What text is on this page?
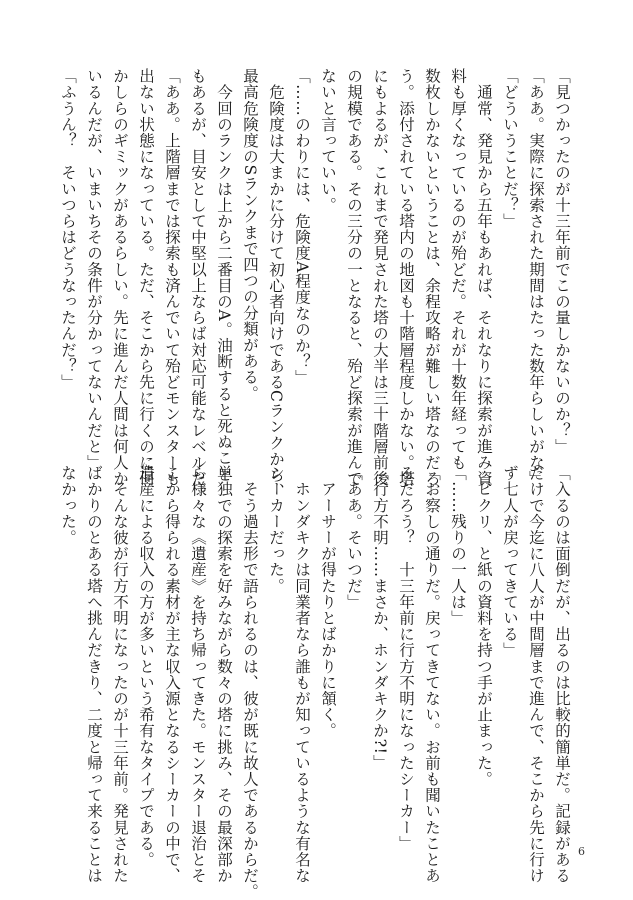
「見つかったのが十三年前でこの量しかないのか？」
「ああ。実際に探索された期間はたった数年らしいがな」
「どういうことだ？」
　通常、発見から五年もあれば、それなりに探索が進み資
料も厚くなっているのが殆どだ。それが十数年経っても
数枚しかないということは、余程攻略が難しい塔なのだろ
う。添付されている塔内の地図も十階層程度しかない。塔
にもよるが、これまで発見された塔の大半は三十階層前後
の規模である。その三分の一となると、殆ど探索が進んで
ないと言っていい。
「……のわりには、危険度A程度なのか？」
　危険度は大まかに分けて初心者向けであるCランクから、
最高危険度のSランクまで四つの分類がある。
　今回のランクは上から二番目のA。油断すると死ぬこと
もあるが、目安として中堅以上ならば対応可能なレベルだ。
「ああ。上階層までは探索も済んでいて殆どモンスターも
出ない状態になっている。ただ、そこから先に行くのに何
かしらのギミックがあるらしい。先に進んだ人間は何人か
いるんだが、いまいちその条件が分かってないんだと」
「ふうん？　そいつらはどうなったんだ？」
「入るのは面倒だが、出るのは比較的簡単だ。記録がある
だけで今迄に八人が中間層まで進んで、そこから先に行け
ず七人が戻ってきている」
　ピクリ、と紙の資料を持つ手が止まった。
「……残りの一人は」
「お察しの通りだ。戻ってきてない。お前も聞いたことあ
るだろう？　十三年前に行方不明になったシーカー」
「行方不明……まさか、ホンダキクか?!」
「ああ。そいつだ」
　アーサーが得たりとばかりに頷く。
　ホンダキクは同業者なら誰もが知っているような有名な
シーカーだった。
　そう過去形で語られるのは、彼が既に故人であるからだ。
単独での探索を好みながら数々の塔に挑み、その最深部か
ら様々な《遺産》を持ち帰ってきた。モンスター退治とそ
こから得られる素材が主な収入源となるシーカーの中で、
遺産による収入の方が多いという希有なタイプである。
　そんな彼が行方不明になったのが十三年前。発見された
ばかりのとある塔へ挑んだきり、二度と帰って来ることは
なかった。
6
